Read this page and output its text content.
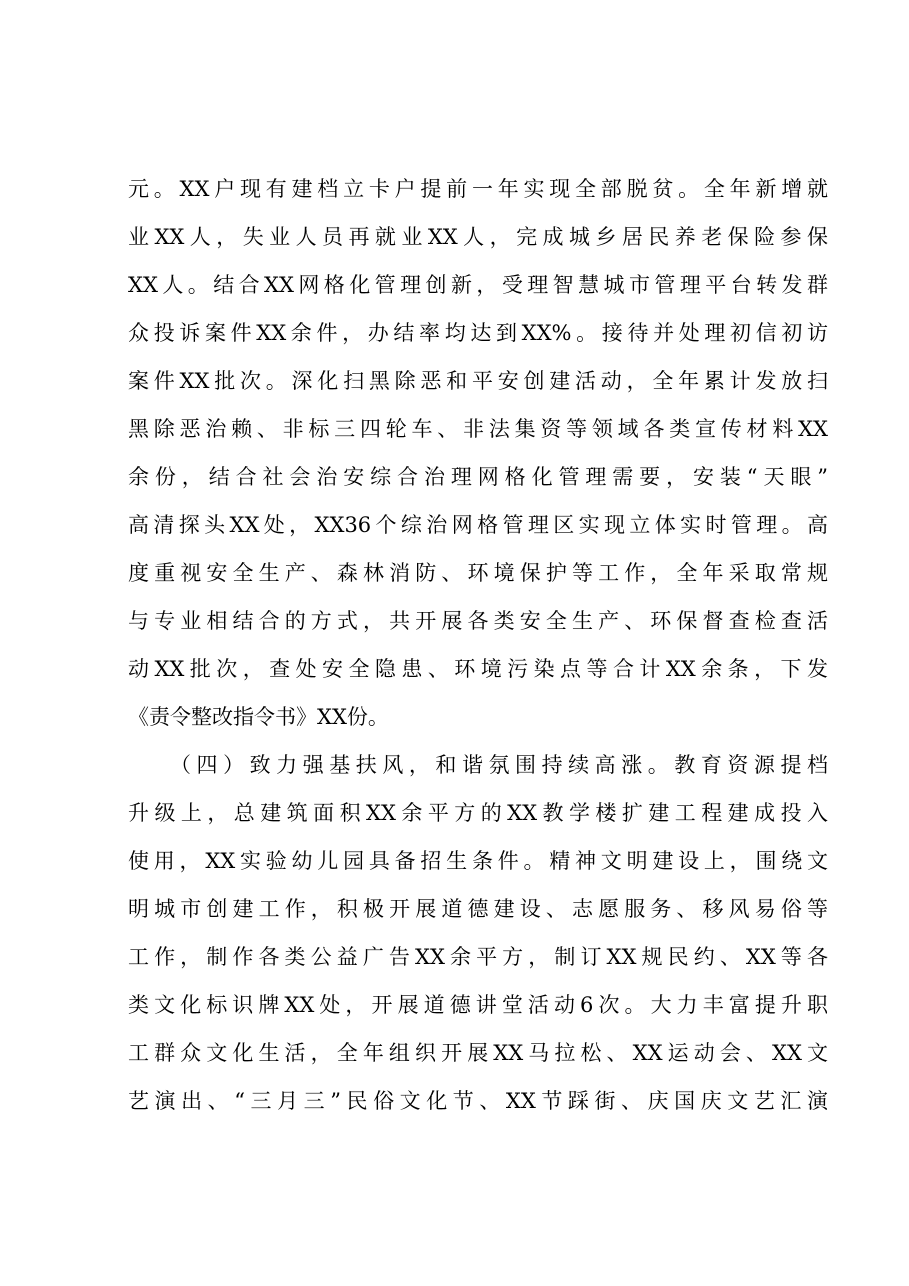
元。XX户现有建档立卡户提前一年实现全部脱贫。全年新增就
业XX人，失业人员再就业XX人，完成城乡居民养老保险参保
XX人。结合XX网格化管理创新，受理智慧城市管理平台转发群
众投诉案件XX余件，办结率均达到XX%。接待并处理初信初访
案件XX批次。深化扫黑除恶和平安创建活动，全年累计发放扫
黑除恶治赖、非标三四轮车、非法集资等领域各类宣传材料XX
余份，结合社会治安综合治理网格化管理需要，安装“天眼”
高清探头XX处，XX36个综治网格管理区实现立体实时管理。高
度重视安全生产、森林消防、环境保护等工作，全年采取常规
与专业相结合的方式，共开展各类安全生产、环保督查检查活
动XX批次，查处安全隐患、环境污染点等合计XX余条，下发
《责令整改指令书》XX份。
（四）致力强基扶风，和谐氛围持续高涨。教育资源提档
升级上，总建筑面积XX余平方的XX教学楼扩建工程建成投入
使用，XX实验幼儿园具备招生条件。精神文明建设上，围绕文
明城市创建工作，积极开展道德建设、志愿服务、移风易俗等
工作，制作各类公益广告XX余平方，制订XX规民约、XX等各
类文化标识牌XX处，开展道德讲堂活动6次。大力丰富提升职
工群众文化生活，全年组织开展XX马拉松、XX运动会、XX文
艺演出、“三月三”民俗文化节、XX节踩街、庆国庆文艺汇演
